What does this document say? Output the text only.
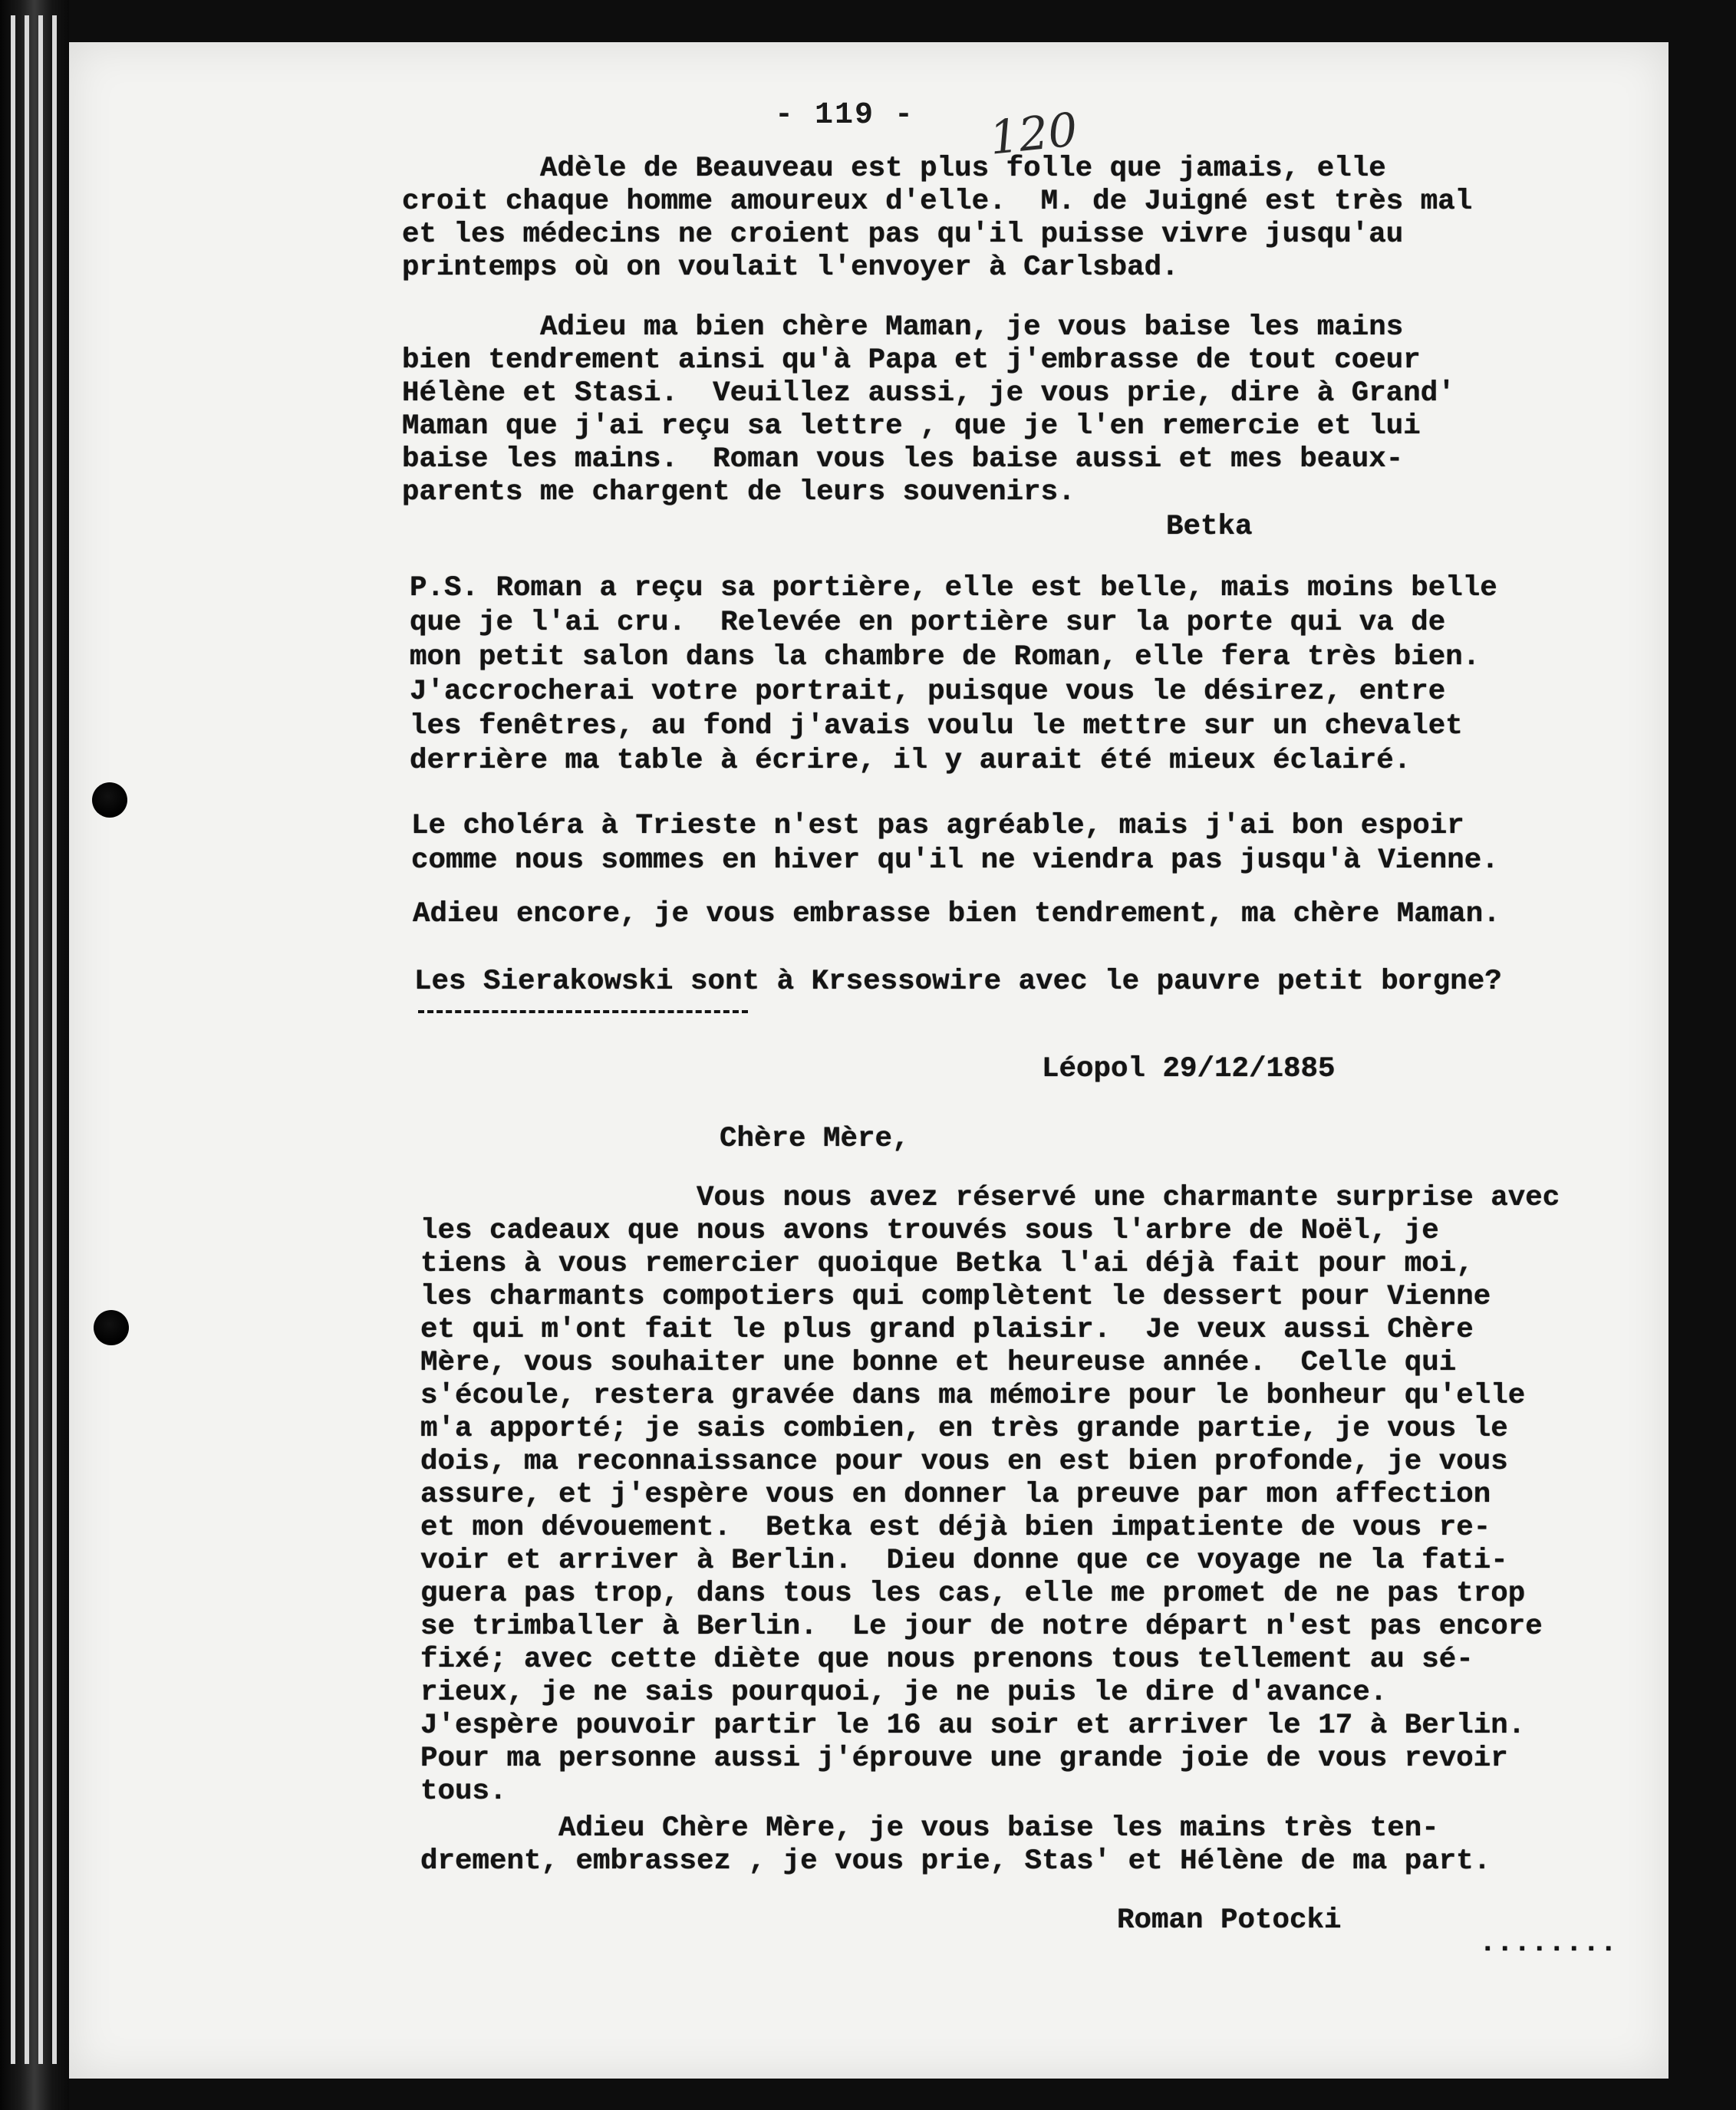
- 119 - 120

Adèle de Beauveau est plus folle que jamais, elle

croit chaque homme amoureux d'elle.  M. de Juigné est très mal

et les médecins ne croient pas qu'il puisse vivre jusqu'au

printemps où on voulait l'envoyer à Carlsbad.

Adieu ma bien chère Maman, je vous baise les mains

bien tendrement ainsi qu'à Papa et j'embrasse de tout coeur

Hélène et Stasi.  Veuillez aussi, je vous prie, dire à Grand'

Maman que j'ai reçu sa lettre , que je l'en remercie et lui

baise les mains.  Roman vous les baise aussi et mes beaux-

parents me chargent de leurs souvenirs.

Betka

P.S. Roman a reçu sa portière, elle est belle, mais moins belle

que je l'ai cru.  Relevée en portière sur la porte qui va de

mon petit salon dans la chambre de Roman, elle fera très bien.

J'accrocherai votre portrait, puisque vous le désirez, entre

les fenêtres, au fond j'avais voulu le mettre sur un chevalet

derrière ma table à écrire, il y aurait été mieux éclairé.

Le choléra à Trieste n'est pas agréable, mais j'ai bon espoir

comme nous sommes en hiver qu'il ne viendra pas jusqu'à Vienne.

Adieu encore, je vous embrasse bien tendrement, ma chère Maman.

Les Sierakowski sont à Krsessowire avec le pauvre petit borgne?

Léopol 29/12/1885

Chère Mère,

Vous nous avez réservé une charmante surprise avec

les cadeaux que nous avons trouvés sous l'arbre de Noël, je

tiens à vous remercier quoique Betka l'ai déjà fait pour moi,

les charmants compotiers qui complètent le dessert pour Vienne

et qui m'ont fait le plus grand plaisir.  Je veux aussi Chère

Mère, vous souhaiter une bonne et heureuse année.  Celle qui

s'écoule, restera gravée dans ma mémoire pour le bonheur qu'elle

m'a apporté; je sais combien, en très grande partie, je vous le

dois, ma reconnaissance pour vous en est bien profonde, je vous

assure, et j'espère vous en donner la preuve par mon affection

et mon dévouement.  Betka est déjà bien impatiente de vous re-

voir et arriver à Berlin.  Dieu donne que ce voyage ne la fati-

guera pas trop, dans tous les cas, elle me promet de ne pas trop

se trimballer à Berlin.  Le jour de notre départ n'est pas encore

fixé; avec cette diète que nous prenons tous tellement au sé-

rieux, je ne sais pourquoi, je ne puis le dire d'avance.

J'espère pouvoir partir le 16 au soir et arriver le 17 à Berlin.

Pour ma personne aussi j'éprouve une grande joie de vous revoir

tous.

Adieu Chère Mère, je vous baise les mains très ten-

drement, embrassez , je vous prie, Stas' et Hélène de ma part.

Roman Potocki

........
